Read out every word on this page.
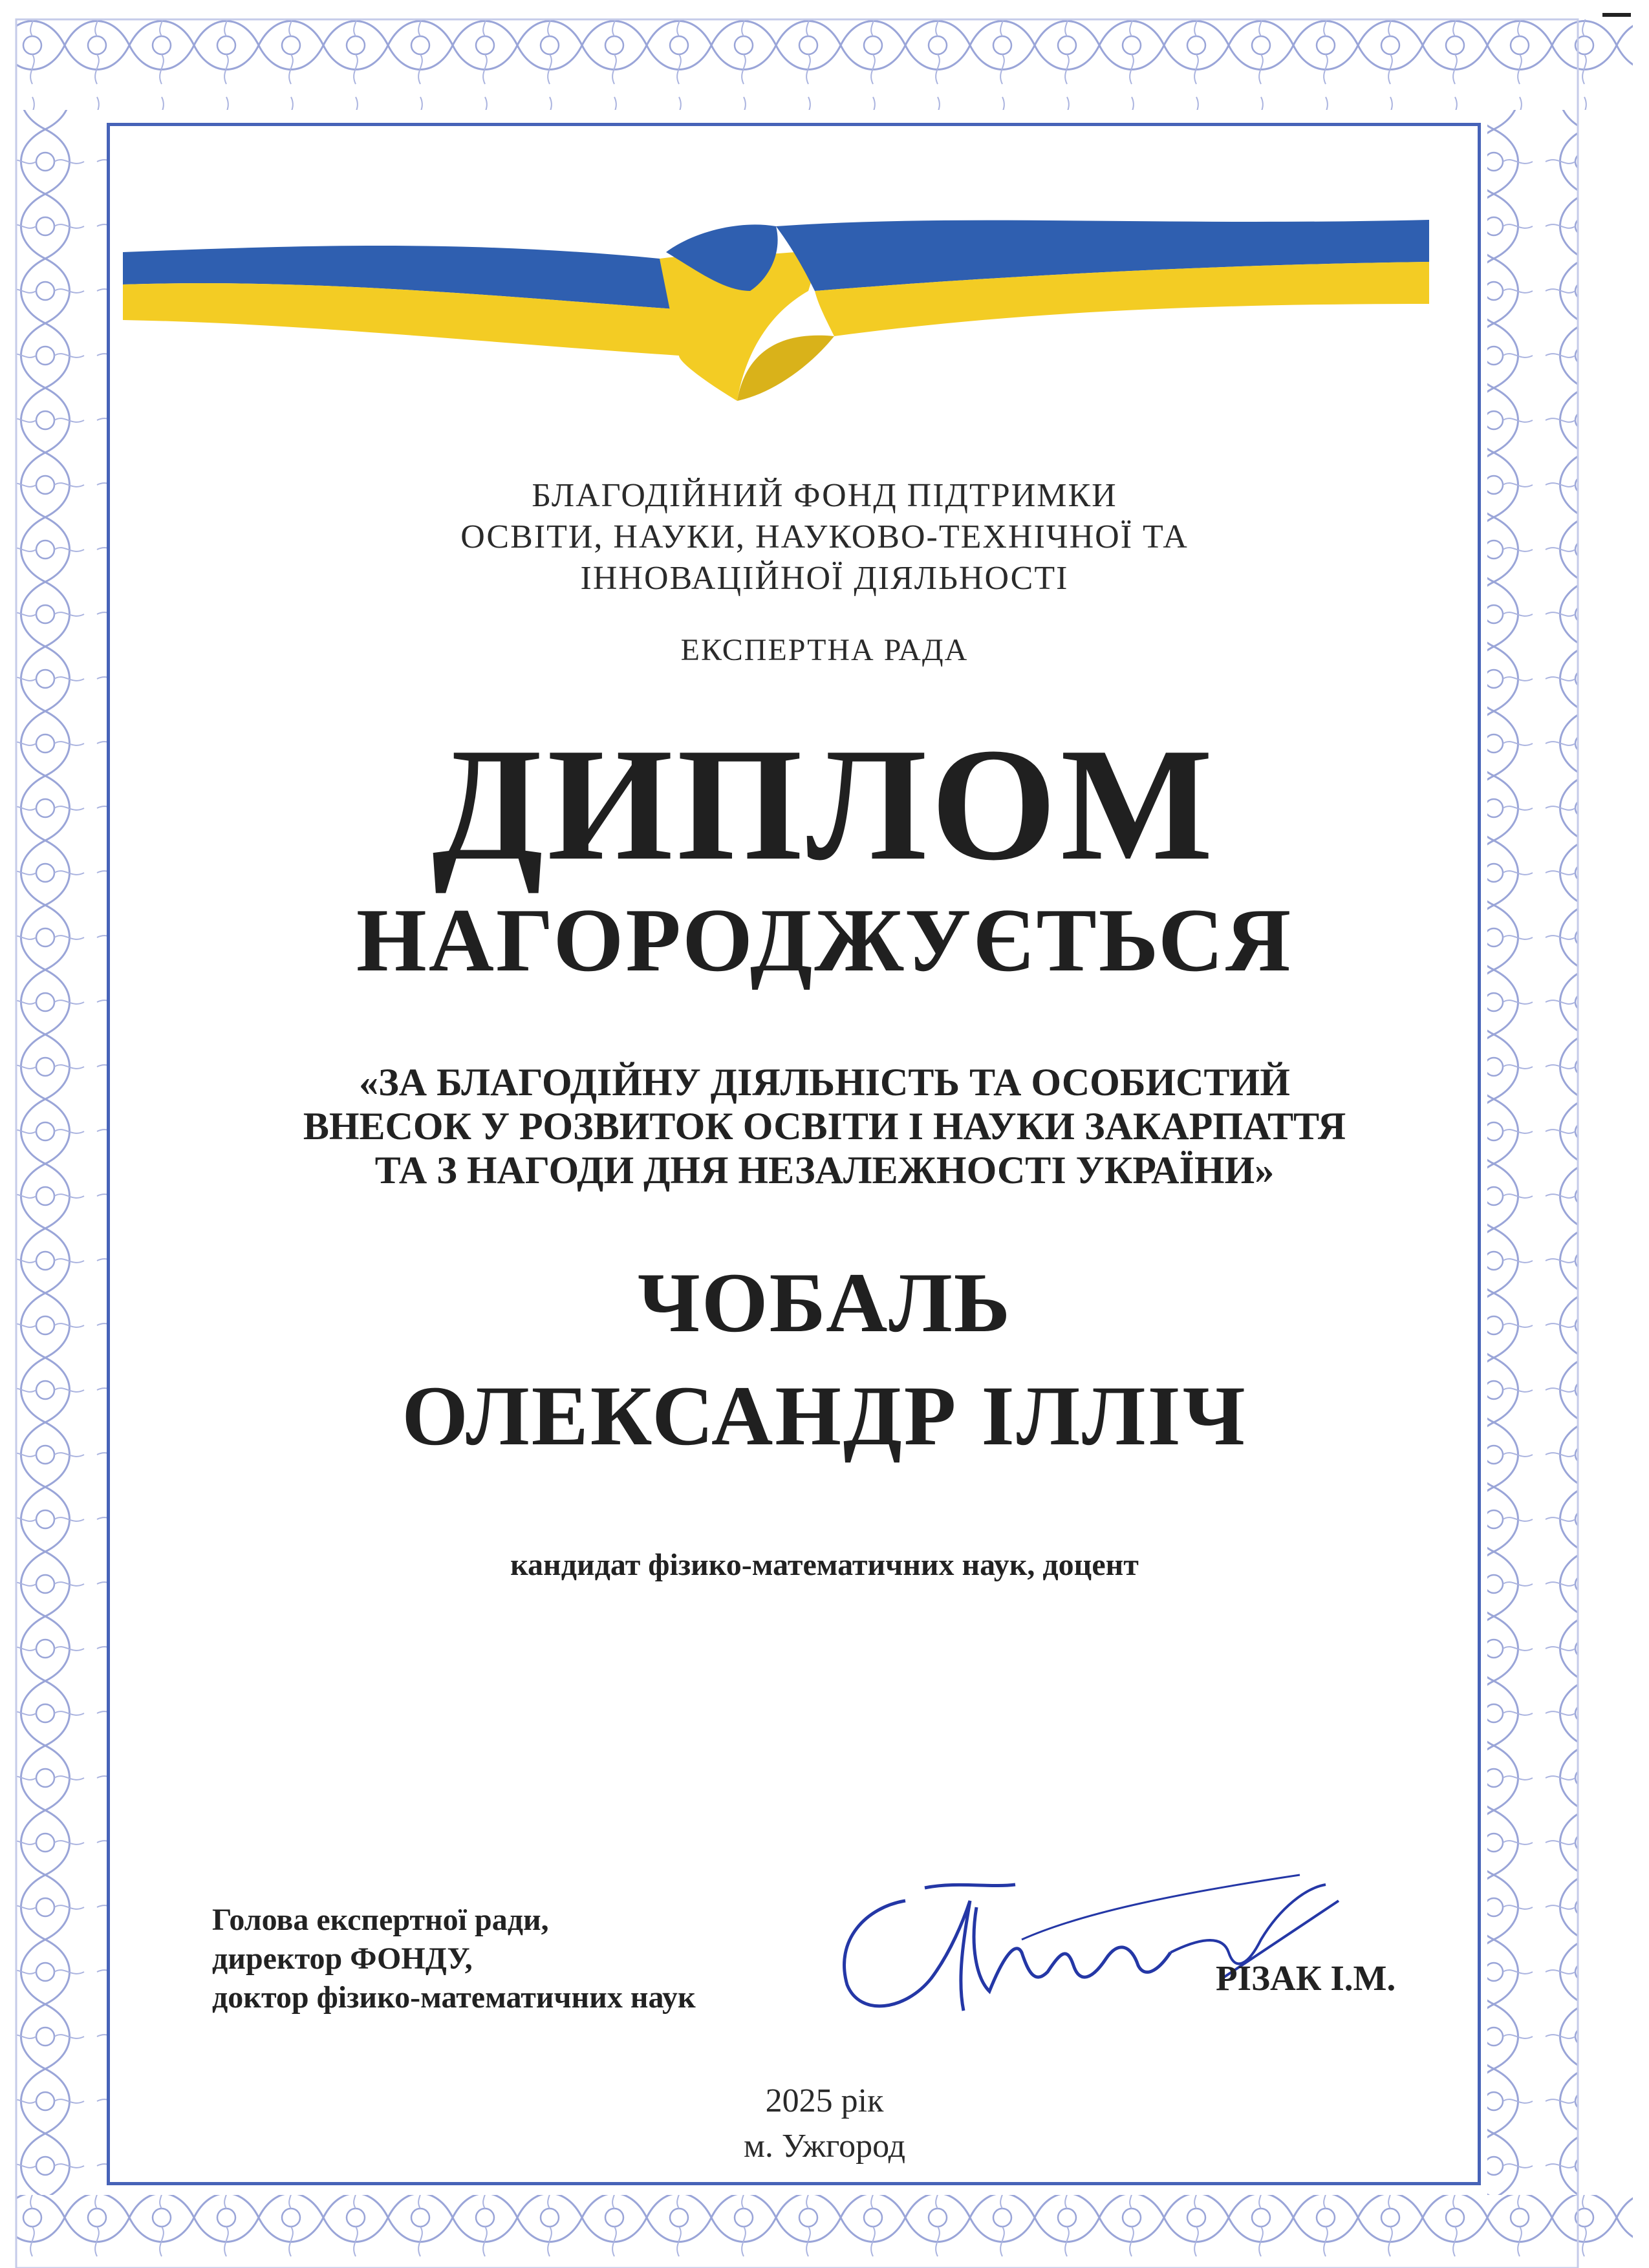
БЛАГОДІЙНИЙ ФОНД ПІДТРИМКИ
ОСВІТИ, НАУКИ, НАУКОВО-ТЕХНІЧНОЇ ТА
ІННОВАЦІЙНОЇ ДІЯЛЬНОСТІ
ЕКСПЕРТНА РАДА
ДИПЛОМ
НАГОРОДЖУЄТЬСЯ
«ЗА БЛАГОДІЙНУ ДІЯЛЬНІСТЬ ТА ОСОБИСТИЙ
ВНЕСОК У РОЗВИТОК ОСВІТИ І НАУКИ ЗАКАРПАТТЯ
ТА З НАГОДИ ДНЯ НЕЗАЛЕЖНОСТІ УКРАЇНИ»
ЧОБАЛЬ
ОЛЕКСАНДР ІЛЛІЧ
кандидат фізико-математичних наук, доцент
Голова експертної ради,
директор ФОНДУ,
доктор фізико-математичних наук	РІЗАК І.М.
2025 рік
м. Ужгород
